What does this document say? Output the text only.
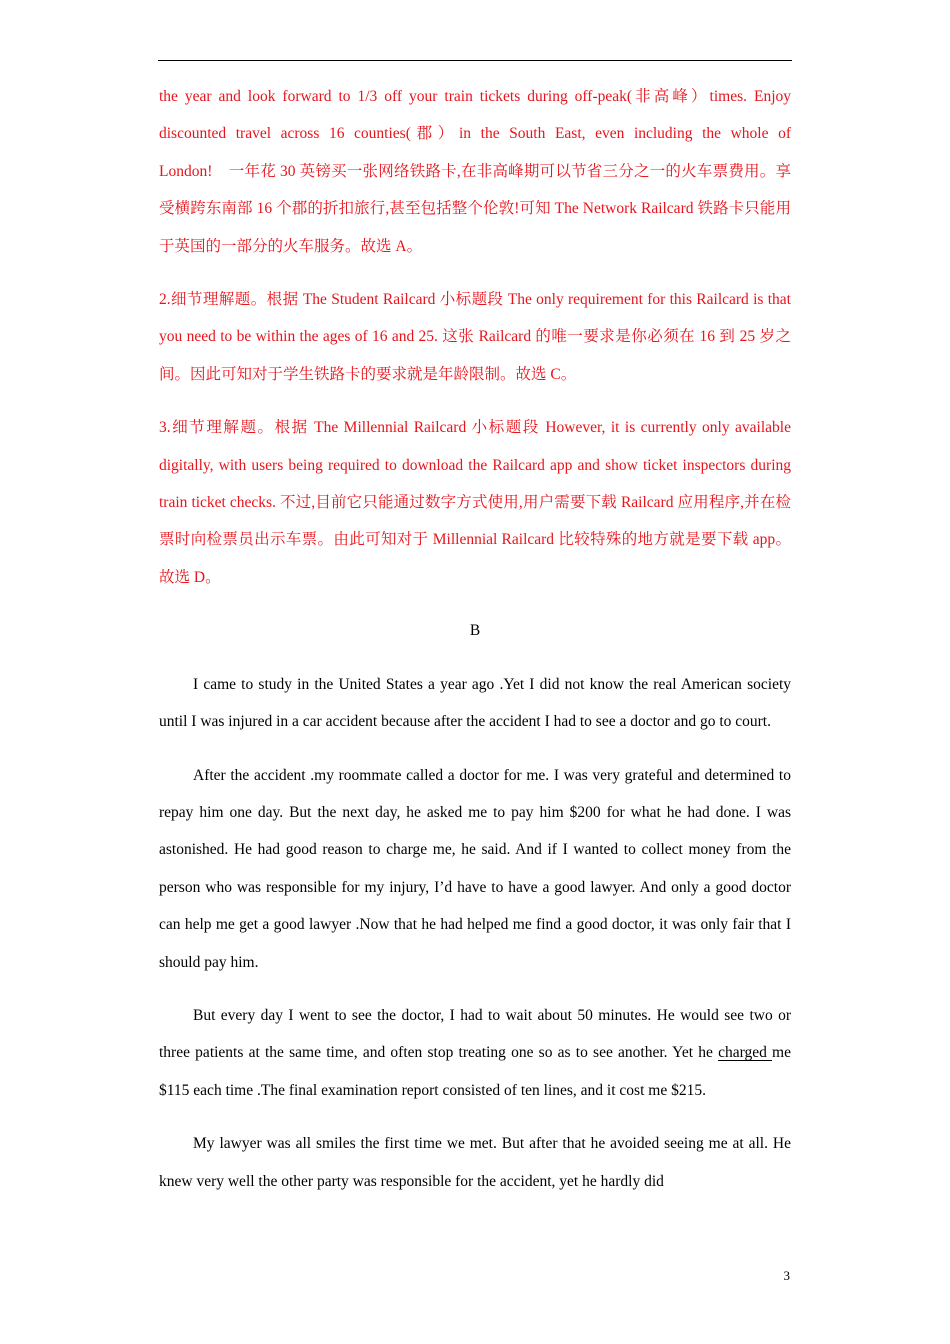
the year and look forward to 1/3 off your train tickets during off-peak(非高峰）times. Enjoy discounted travel across 16 counties(郡）in the South East, even including the whole of London!    一年花 30 英镑买一张网络铁路卡,在非高峰期可以节省三分之一的火车票费用。享受横跨东南部 16 个郡的折扣旅行,甚至包括整个伦敦!可知 The Network Railcard 铁路卡只能用于英国的一部分的火车服务。故选 A。

2.细节理解题。根据 The Student Railcard 小标题段 The only requirement for this Railcard is that you need to be within the ages of 16 and 25. 这张 Railcard 的唯一要求是你必须在 16 到 25 岁之间。因此可知对于学生铁路卡的要求就是年龄限制。故选 C。

3.细节理解题。根据 The Millennial Railcard 小标题段 However, it is currently only available digitally, with users being required to download the Railcard app and show ticket inspectors during train ticket checks. 不过,目前它只能通过数字方式使用,用户需要下载 Railcard 应用程序,并在检票时向检票员出示车票。由此可知对于 Millennial Railcard 比较特殊的地方就是要下载 app。故选 D。

B

I came to study in the United States a year ago .Yet I did not know the real American society until I was injured in a car accident because after the accident I had to see a doctor and go to court.

After the accident .my roommate called a doctor for me. I was very grateful and determined to repay him one day. But the next day, he asked me to pay him $200 for what he had done. I was astonished. He had good reason to charge me, he said. And if I wanted to collect money from the person who was responsible for my injury, I’d have to have a good lawyer. And only a good doctor can help me get a good lawyer .Now that he had helped me find a good doctor, it was only fair that I should pay him.

But every day I went to see the doctor, I had to wait about 50 minutes. He would see two or three patients at the same time, and often stop treating one so as to see another. Yet he charged me $115 each time .The final examination report consisted of ten lines, and it cost me $215.

My lawyer was all smiles the first time we met. But after that he avoided seeing me at all. He knew very well the other party was responsible for the accident, yet he hardly did

3
